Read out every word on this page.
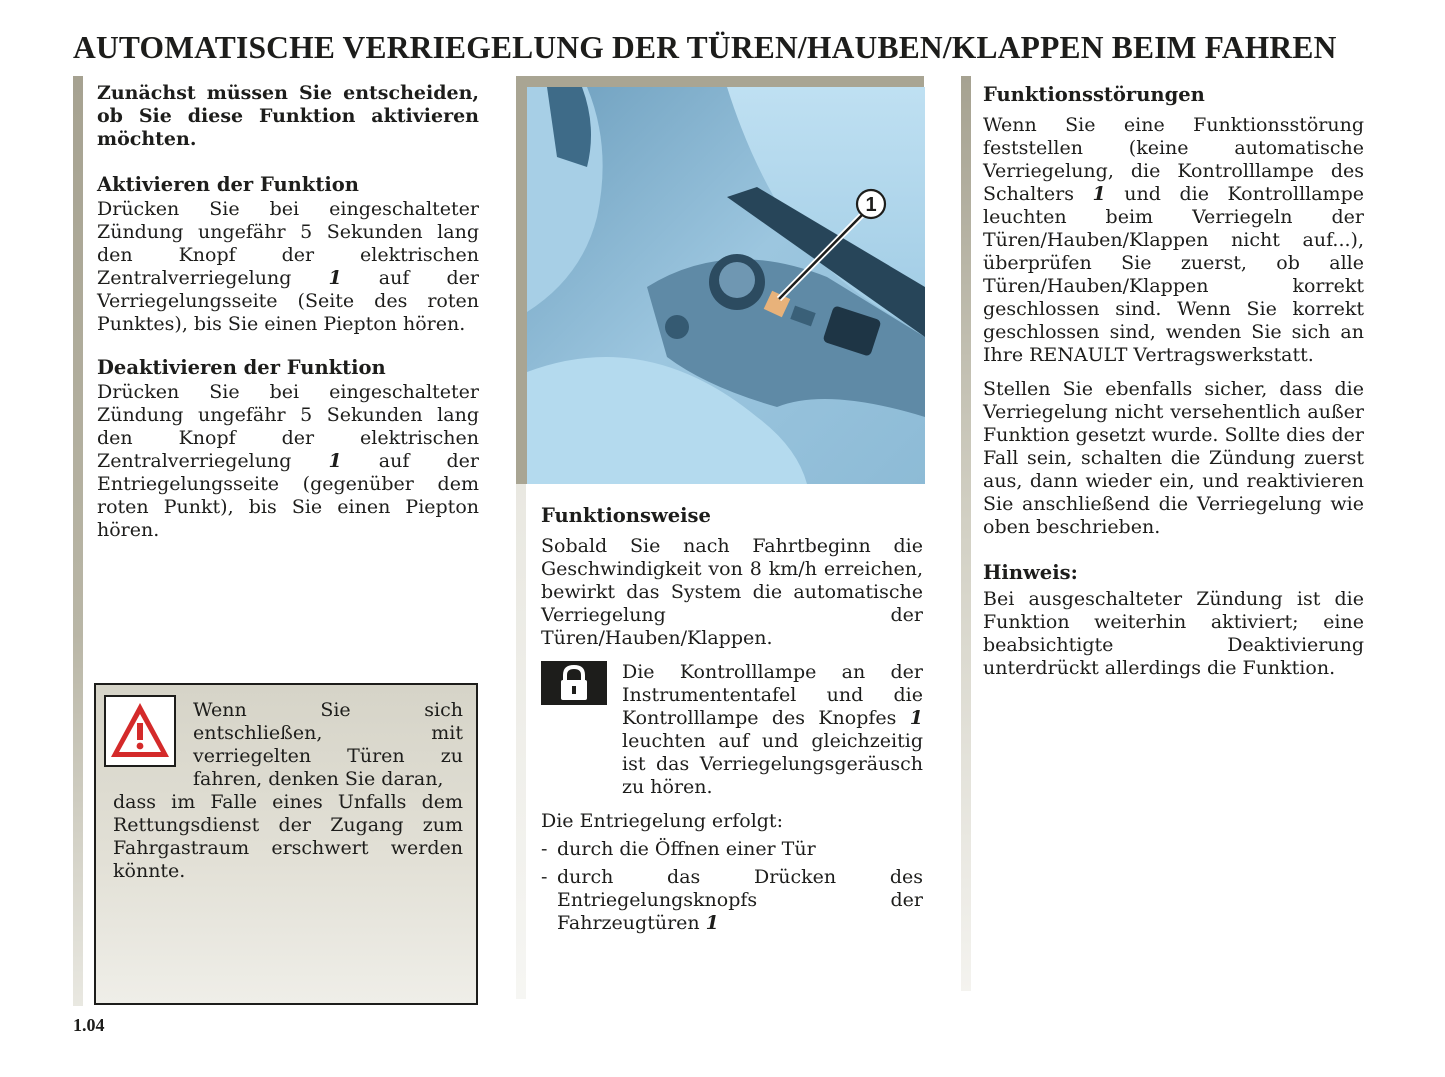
AUTOMATISCHE VERRIEGELUNG DER TÜREN/HAUBEN/KLAPPEN BEIM FAHREN

Zunächst müssen Sie entscheiden, ob Sie diese Funktion aktivieren möchten.

Aktivieren der Funktion

Drücken Sie bei eingeschalteter Zündung ungefähr 5 Sekunden lang den Knopf der elektrischen Zentralverriegelung 1 auf der Verriegelungsseite (Seite des roten Punktes), bis Sie einen Piepton hören.

Deaktivieren der Funktion

Drücken Sie bei eingeschalteter Zündung ungefähr 5 Sekunden lang den Knopf der elektrischen Zentralverriegelung 1 auf der Entriegelungsseite (gegenüber dem roten Punkt), bis Sie einen Piepton hören.

Wenn Sie sich entschließen, mit verriegelten Türen zu fahren, denken Sie daran,
dass im Falle eines Unfalls dem Rettungsdienst der Zugang zum Fahrgastraum erschwert werden könnte.
1
Funktionsweise

Sobald Sie nach Fahrtbeginn die Geschwindigkeit von 8 km/h erreichen, bewirkt das System die automatische Verriegelung der Türen/Hauben/Klappen.

Die Kontrolllampe an der Instrumententafel und die Kontrolllampe des Knopfes 1 leuchten auf und gleichzeitig ist das Verriegelungsgeräusch zu hören.

Die Entriegelung erfolgt:

- durch die Öffnen einer Tür
- durch das Drücken des Entriegelungsknopfs der Fahrzeugtüren 1
Funktionsstörungen

Wenn Sie eine Funktionsstörung feststellen (keine automatische Verriegelung, die Kontrolllampe des Schalters 1 und die Kontrolllampe leuchten beim Verriegeln der Türen/Hauben/Klappen nicht auf...), überprüfen Sie zuerst, ob alle Türen/Hauben/Klappen korrekt geschlossen sind. Wenn Sie korrekt geschlossen sind, wenden Sie sich an Ihre RENAULT Vertragswerkstatt.

Stellen Sie ebenfalls sicher, dass die Verriegelung nicht versehentlich außer Funktion gesetzt wurde. Sollte dies der Fall sein, schalten die Zündung zuerst aus, dann wieder ein, und reaktivieren Sie anschließend die Verriegelung wie oben beschrieben.

Hinweis:

Bei ausgeschalteter Zündung ist die Funktion weiterhin aktiviert; eine beabsichtigte Deaktivierung unterdrückt allerdings die Funktion.

1.04
